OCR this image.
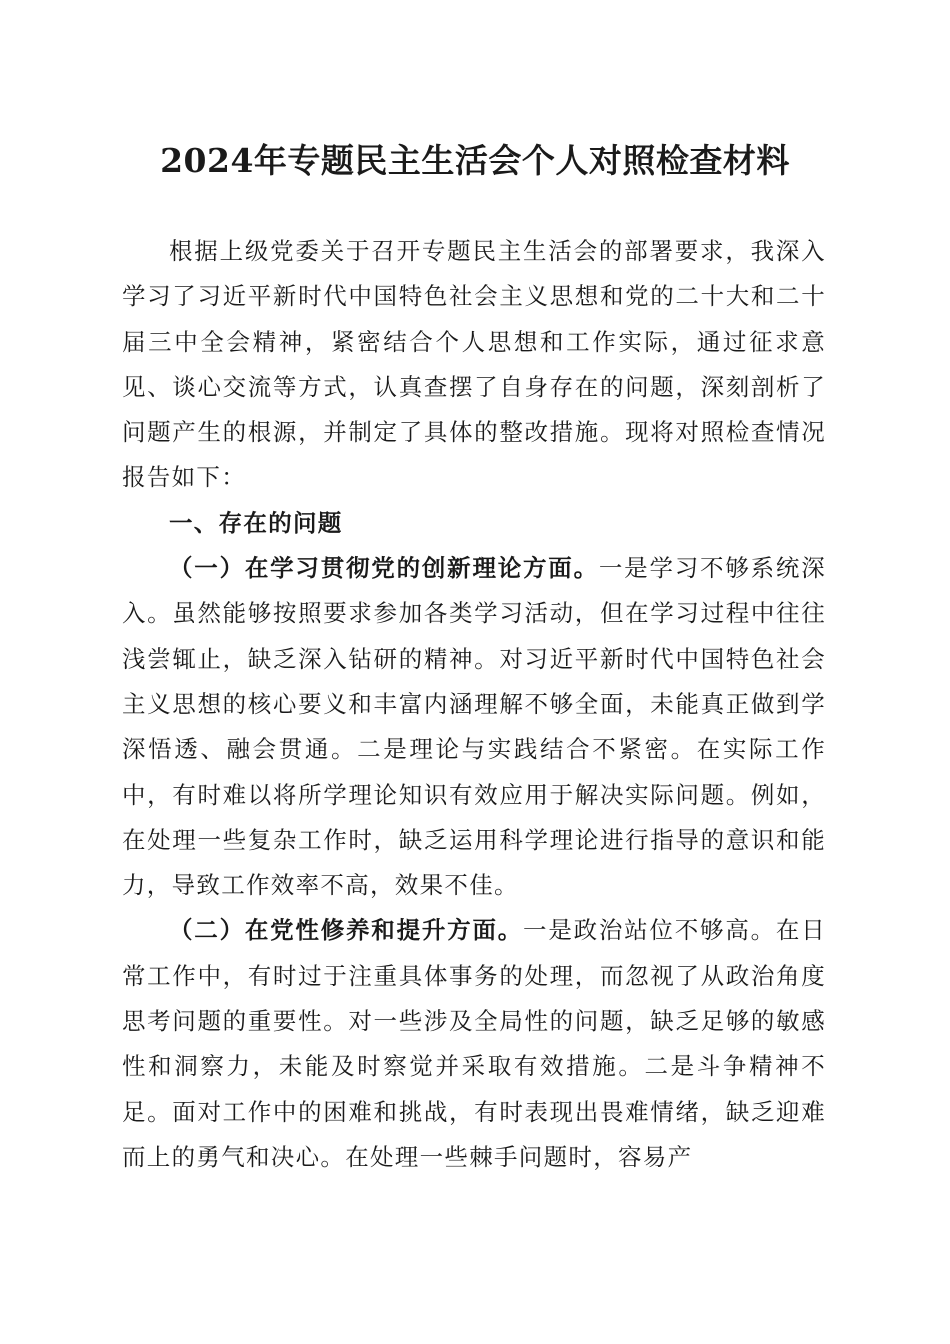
2024年专题民主生活会个人对照检查材料

根据上级党委关于召开专题民主生活会的部署要求，我深入学习了习近平新时代中国特色社会主义思想和党的二十大和二十届三中全会精神，紧密结合个人思想和工作实际，通过征求意见、谈心交流等方式，认真查摆了自身存在的问题，深刻剖析了问题产生的根源，并制定了具体的整改措施。现将对照检查情况报告如下：

一、存在的问题

（一）在学习贯彻党的创新理论方面。一是学习不够系统深入。虽然能够按照要求参加各类学习活动，但在学习过程中往往浅尝辄止，缺乏深入钻研的精神。对习近平新时代中国特色社会主义思想的核心要义和丰富内涵理解不够全面，未能真正做到学深悟透、融会贯通。二是理论与实践结合不紧密。在实际工作中，有时难以将所学理论知识有效应用于解决实际问题。例如，在处理一些复杂工作时，缺乏运用科学理论进行指导的意识和能力，导致工作效率不高，效果不佳。

（二）在党性修养和提升方面。一是政治站位不够高。在日常工作中，有时过于注重具体事务的处理，而忽视了从政治角度思考问题的重要性。对一些涉及全局性的问题，缺乏足够的敏感性和洞察力，未能及时察觉并采取有效措施。二是斗争精神不足。面对工作中的困难和挑战，有时表现出畏难情绪，缺乏迎难而上的勇气和决心。在处理一些棘手问题时，容易产
